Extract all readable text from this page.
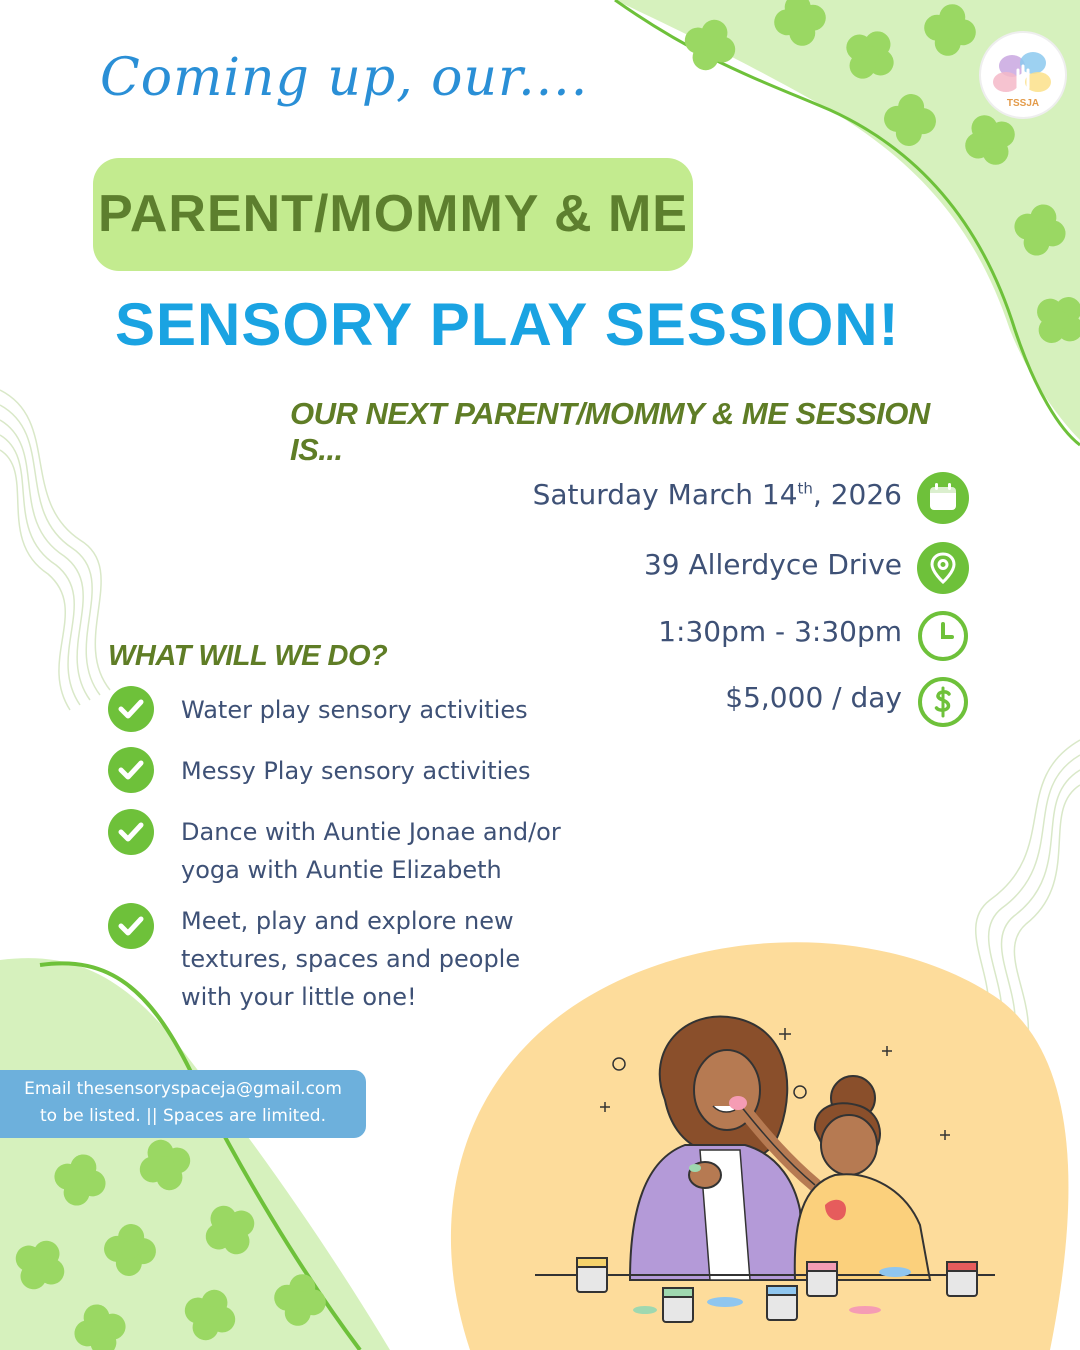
TSSJA
Coming up, our....
PARENT/MOMMY & ME
SENSORY PLAY SESSION!
OUR NEXT PARENT/MOMMY & ME SESSION IS...
Saturday March 14th, 2026
39 Allerdyce Drive
1:30pm - 3:30pm
$5,000 / day
WHAT WILL WE DO?
Water play sensory activities
Messy Play sensory activities
Dance with Auntie Jonae and/or
yoga with Auntie Elizabeth
Meet, play and explore new
textures, spaces and people
with your little one!
Email thesensoryspaceja@gmail.com
to be listed. || Spaces are limited.
